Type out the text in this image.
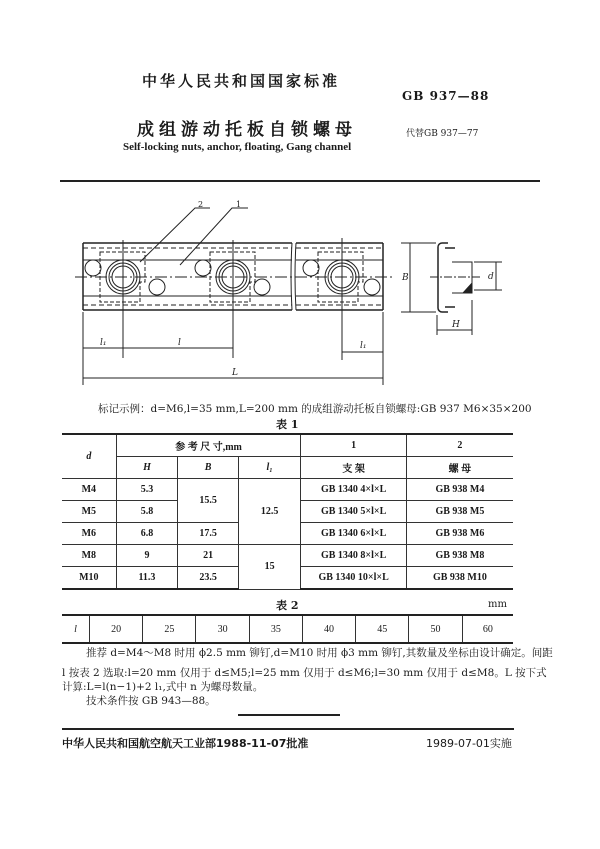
中华人民共和国国家标准
GB 937—88
成组游动托板自锁螺母	代替GB 937—77
Self-locking nuts, anchor, floating, Gang channel
2	1
l₁	l	l₁
L
B	d
H
标记示例：d=M6,l=35 mm,L=200 mm 的成组游动托板自锁螺母:GB 937 M6×35×200
表 1
d	参 考 尺 寸,mm			1	2
	H	B	l₁	支 架	螺 母
M4	5.3	15.5	12.5	GB 1340 4×l×L	GB 938 M4
M5	5.8			GB 1340 5×l×L	GB 938 M5
M6	6.8	17.5		GB 1340 6×l×L	GB 938 M6
M8	9	21	15	GB 1340 8×l×L	GB 938 M8
M10	11.3	23.5		GB 1340 10×l×L	GB 938 M10
表 2	mm
l	20	25	30	35	40	45	50	60
推荐 d=M4～M8 时用 ϕ2.5 mm 铆钉,d=M10 时用 ϕ3 mm 铆钉,其数量及坐标由设计确定。间距
l 按表 2 选取:l=20 mm 仅用于 d≤M5;l=25 mm 仅用于 d≤M6;l=30 mm 仅用于 d≤M8。L 按下式
计算:L=l(n−1)+2 l₁,式中 n 为螺母数量。
技术条件按 GB 943—88。
中华人民共和国航空航天工业部1988-11-07批准	1989-07-01实施
